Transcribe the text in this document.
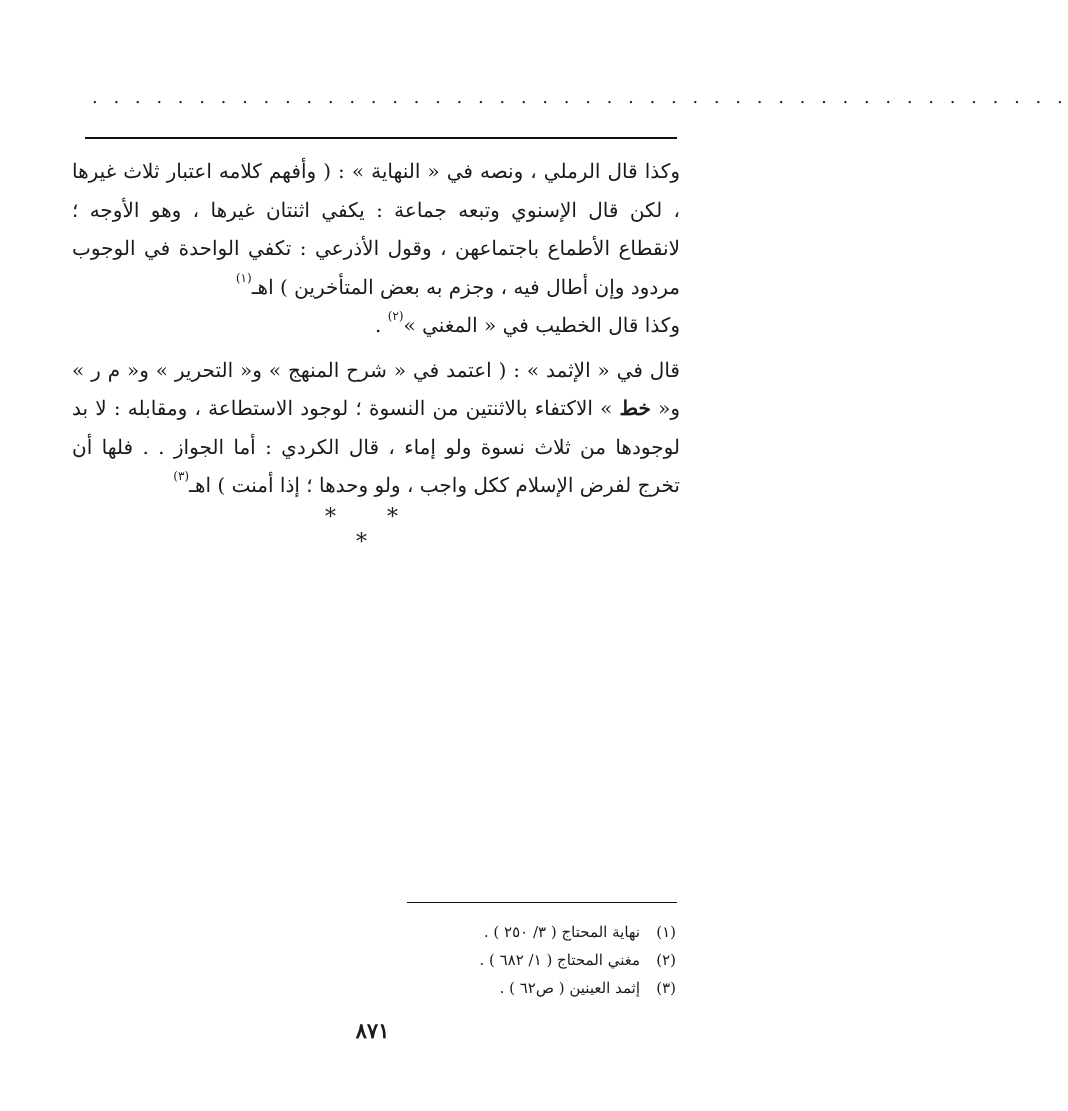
. . . . . . . . . . . . . . . . . . . . . . . . . . . . . . . . . . . . . . . . . . . . . .

وكذا قال الرملي ، ونصه في « النهاية » : ( وأفهم كلامه اعتبار ثلاث غيرها ، لكن قال الإسنوي وتبعه جماعة : يكفي اثنتان غيرها ، وهو الأوجه ؛ لانقطاع الأطماع باجتماعهن ، وقول الأذرعي : تكفي الواحدة في الوجوب مردود وإن أطال فيه ، وجزم به بعض المتأخرين ) اهـ$^{(١)}$

وكذا قال الخطيب في « المغني »$^{(٢)}$ .

قال في « الإثمد » : ( اعتمد في « شرح المنهج » و« التحرير » و« م ر » و« خط » الاكتفاء بالاثنتين من النسوة ؛ لوجود الاستطاعة ، ومقابله : لا بد لوجودها من ثلاث نسوة ولو إماء ، قال الكردي : أما الجواز . . فلها أن تخرج لفرض الإسلام ككل واجب ، ولو وحدها ؛ إذا أمنت ) اهـ$^{(٣)}$

* * *
(١)نهاية المحتاج ( ٣/ ٢٥٠ ) .
(٢)مغني المحتاج ( ١/ ٦٨٢ ) .
(٣)إثمد العينين ( ص٦٢ ) .
٨٧١
